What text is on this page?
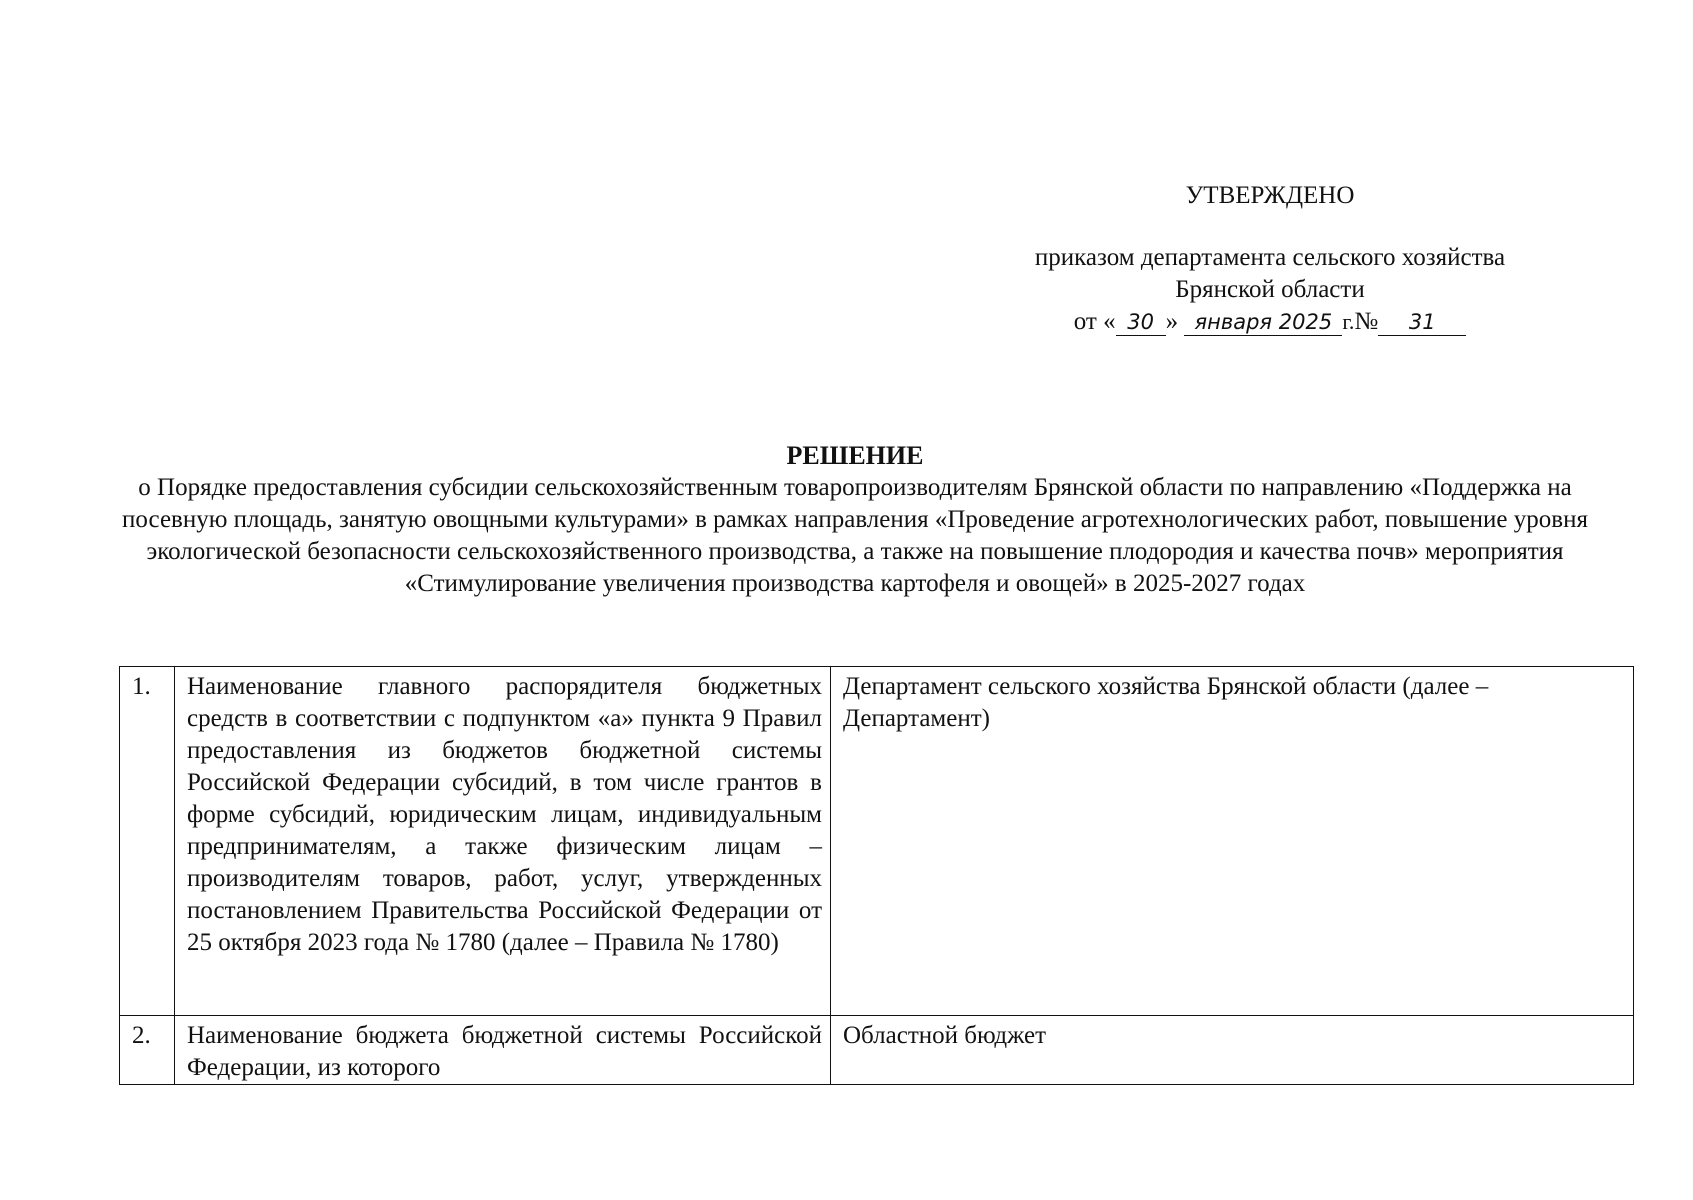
УТВЕРЖДЕНО
приказом департамента сельского хозяйства
Брянской области
от « 30 » января 2025 г.№ 31
РЕШЕНИЕ
о Порядке предоставления субсидии сельскохозяйственным товаропроизводителям Брянской области по направлению «Поддержка на посевную площадь, занятую овощными культурами» в рамках направления «Проведение агротехнологических работ, повышение уровня экологической безопасности сельскохозяйственного производства, а также на повышение плодородия и качества почв» мероприятия «Стимулирование увеличения производства картофеля и овощей» в 2025-2027 годах
1.	Наименование главного распорядителя бюджетных средств в соответствии с подпунктом «а» пункта 9 Правил предоставления из бюджетов бюджетной системы Российской Федерации субсидий, в том числе грантов в форме субсидий, юридическим лицам, индивидуальным предпринимателям, а также физическим лицам – производителям товаров, работ, услуг, утвержденных постановлением Правительства Российской Федерации от 25 октября 2023 года № 1780 (далее – Правила № 1780)	Департамент сельского хозяйства Брянской области (далее – Департамент)
2.	Наименование бюджета бюджетной системы Российской Федерации, из которого	Областной бюджет
